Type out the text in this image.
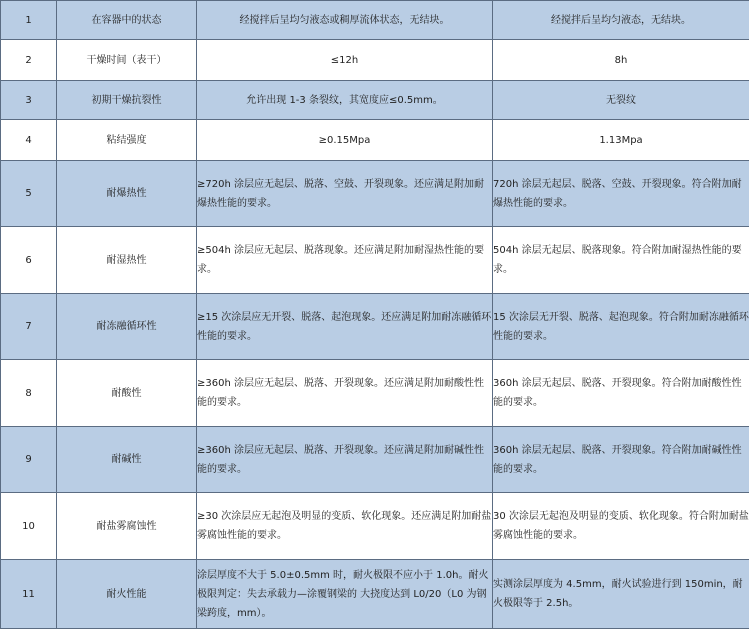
1	在容器中的状态	经搅拌后呈均匀液态或稠厚流体状态，无结块。	经搅拌后呈均匀液态，无结块。
2	干燥时间（表干）	≤12h	8h
3	初期干燥抗裂性	允许出现 1-3 条裂纹，其宽度应≤0.5mm。	无裂纹
4	粘结强度	≥0.15Mpa	1.13Mpa
5	耐爆热性	≥720h 涂层应无起层、脱落、空鼓、开裂现象。还应满足附加耐爆热性能的要求。	720h 涂层无起层、脱落、空鼓、开裂现象。符合附加耐爆热性能的要求。
6	耐湿热性	≥504h 涂层应无起层、脱落现象。还应满足附加耐湿热性能的要求。	504h 涂层无起层、脱落现象。符合附加耐湿热性能的要求。
7	耐冻融循环性	≥15 次涂层应无开裂、脱落、起泡现象。还应满足附加耐冻融循环性能的要求。	15 次涂层无开裂、脱落、起泡现象。符合附加耐冻融循环性能的要求。
8	耐酸性	≥360h 涂层应无起层、脱落、开裂现象。还应满足附加耐酸性性能的要求。	360h 涂层无起层、脱落、开裂现象。符合附加耐酸性性能的要求。
9	耐碱性	≥360h 涂层应无起层、脱落、开裂现象。还应满足附加耐碱性性能的要求。	360h 涂层无起层、脱落、开裂现象。符合附加耐碱性性能的要求。
10	耐盐雾腐蚀性	≥30 次涂层应无起泡及明显的变质、软化现象。还应满足附加耐盐雾腐蚀性能的要求。	30 次涂层无起泡及明显的变质、软化现象。符合附加耐盐雾腐蚀性能的要求。
11	耐火性能	涂层厚度不大于 5.0±0.5mm 时，耐火极限不应小于 1.0h。耐火极限判定：失去承载力—涂覆钢梁的 大挠度达到 L0/20（L0 为钢梁跨度，mm）。	实测涂层厚度为 4.5mm，耐火试验进行到 150min，耐火极限等于 2.5h。
